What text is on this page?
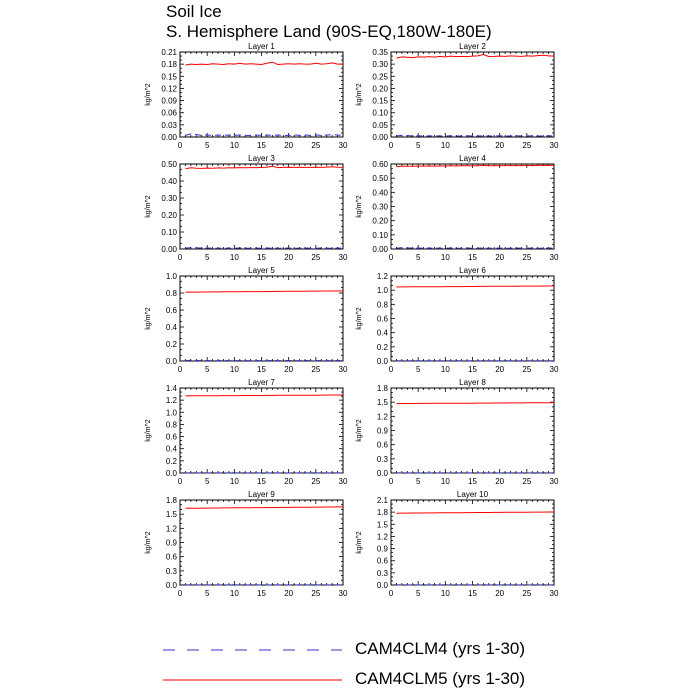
Soil Ice
S. Hemisphere Land (90S-EQ,180W-180E)
Layer 1
0	5	10 15 20 25 30
0.00
0.03
0.06
0.09
0.12
0.15
0.18
0.21
kg/m^2
Layer 2
0	5	10 15 20 25 30
0.00
0.05
0.10
0.15
0.20
0.25
0.30
0.35
kg/m^2
Layer 3
0	5	10 15 20 25 30
0.00
0.10
0.20
0.30
0.40
0.50
kg/m^2
Layer 4
0	5	10 15 20 25 30
0.00
0.10
0.20
0.30
0.40
0.50
0.60
kg/m^2
Layer 5
0	5	10 15 20 25 30
0.0
0.2
0.4
0.6
0.8
1.0
kg/m^2
Layer 6
0	5	10 15 20 25 30
0.0
0.2
0.4
0.6
0.8
1.0
1.2
kg/m^2
Layer 7
0	5	10 15 20 25 30
0.0
0.2
0.4
0.6
0.8
1.0
1.2
1.4
kg/m^2
Layer 8
0	5	10 15 20 25 30
0.0
0.3
0.6
0.9
1.2
1.5
1.8
kg/m^2
Layer 9
0	5	10 15 20 25 30
0.0
0.3
0.6
0.9
1.2
1.5
1.8
kg/m^2
Layer 10
0	5	10 15 20 25 30
0.0
0.3
0.6
0.9
1.2
1.5
1.8
2.1
kg/m^2
CAM4CLM4 (yrs 1-30)
CAM4CLM5 (yrs 1-30)
